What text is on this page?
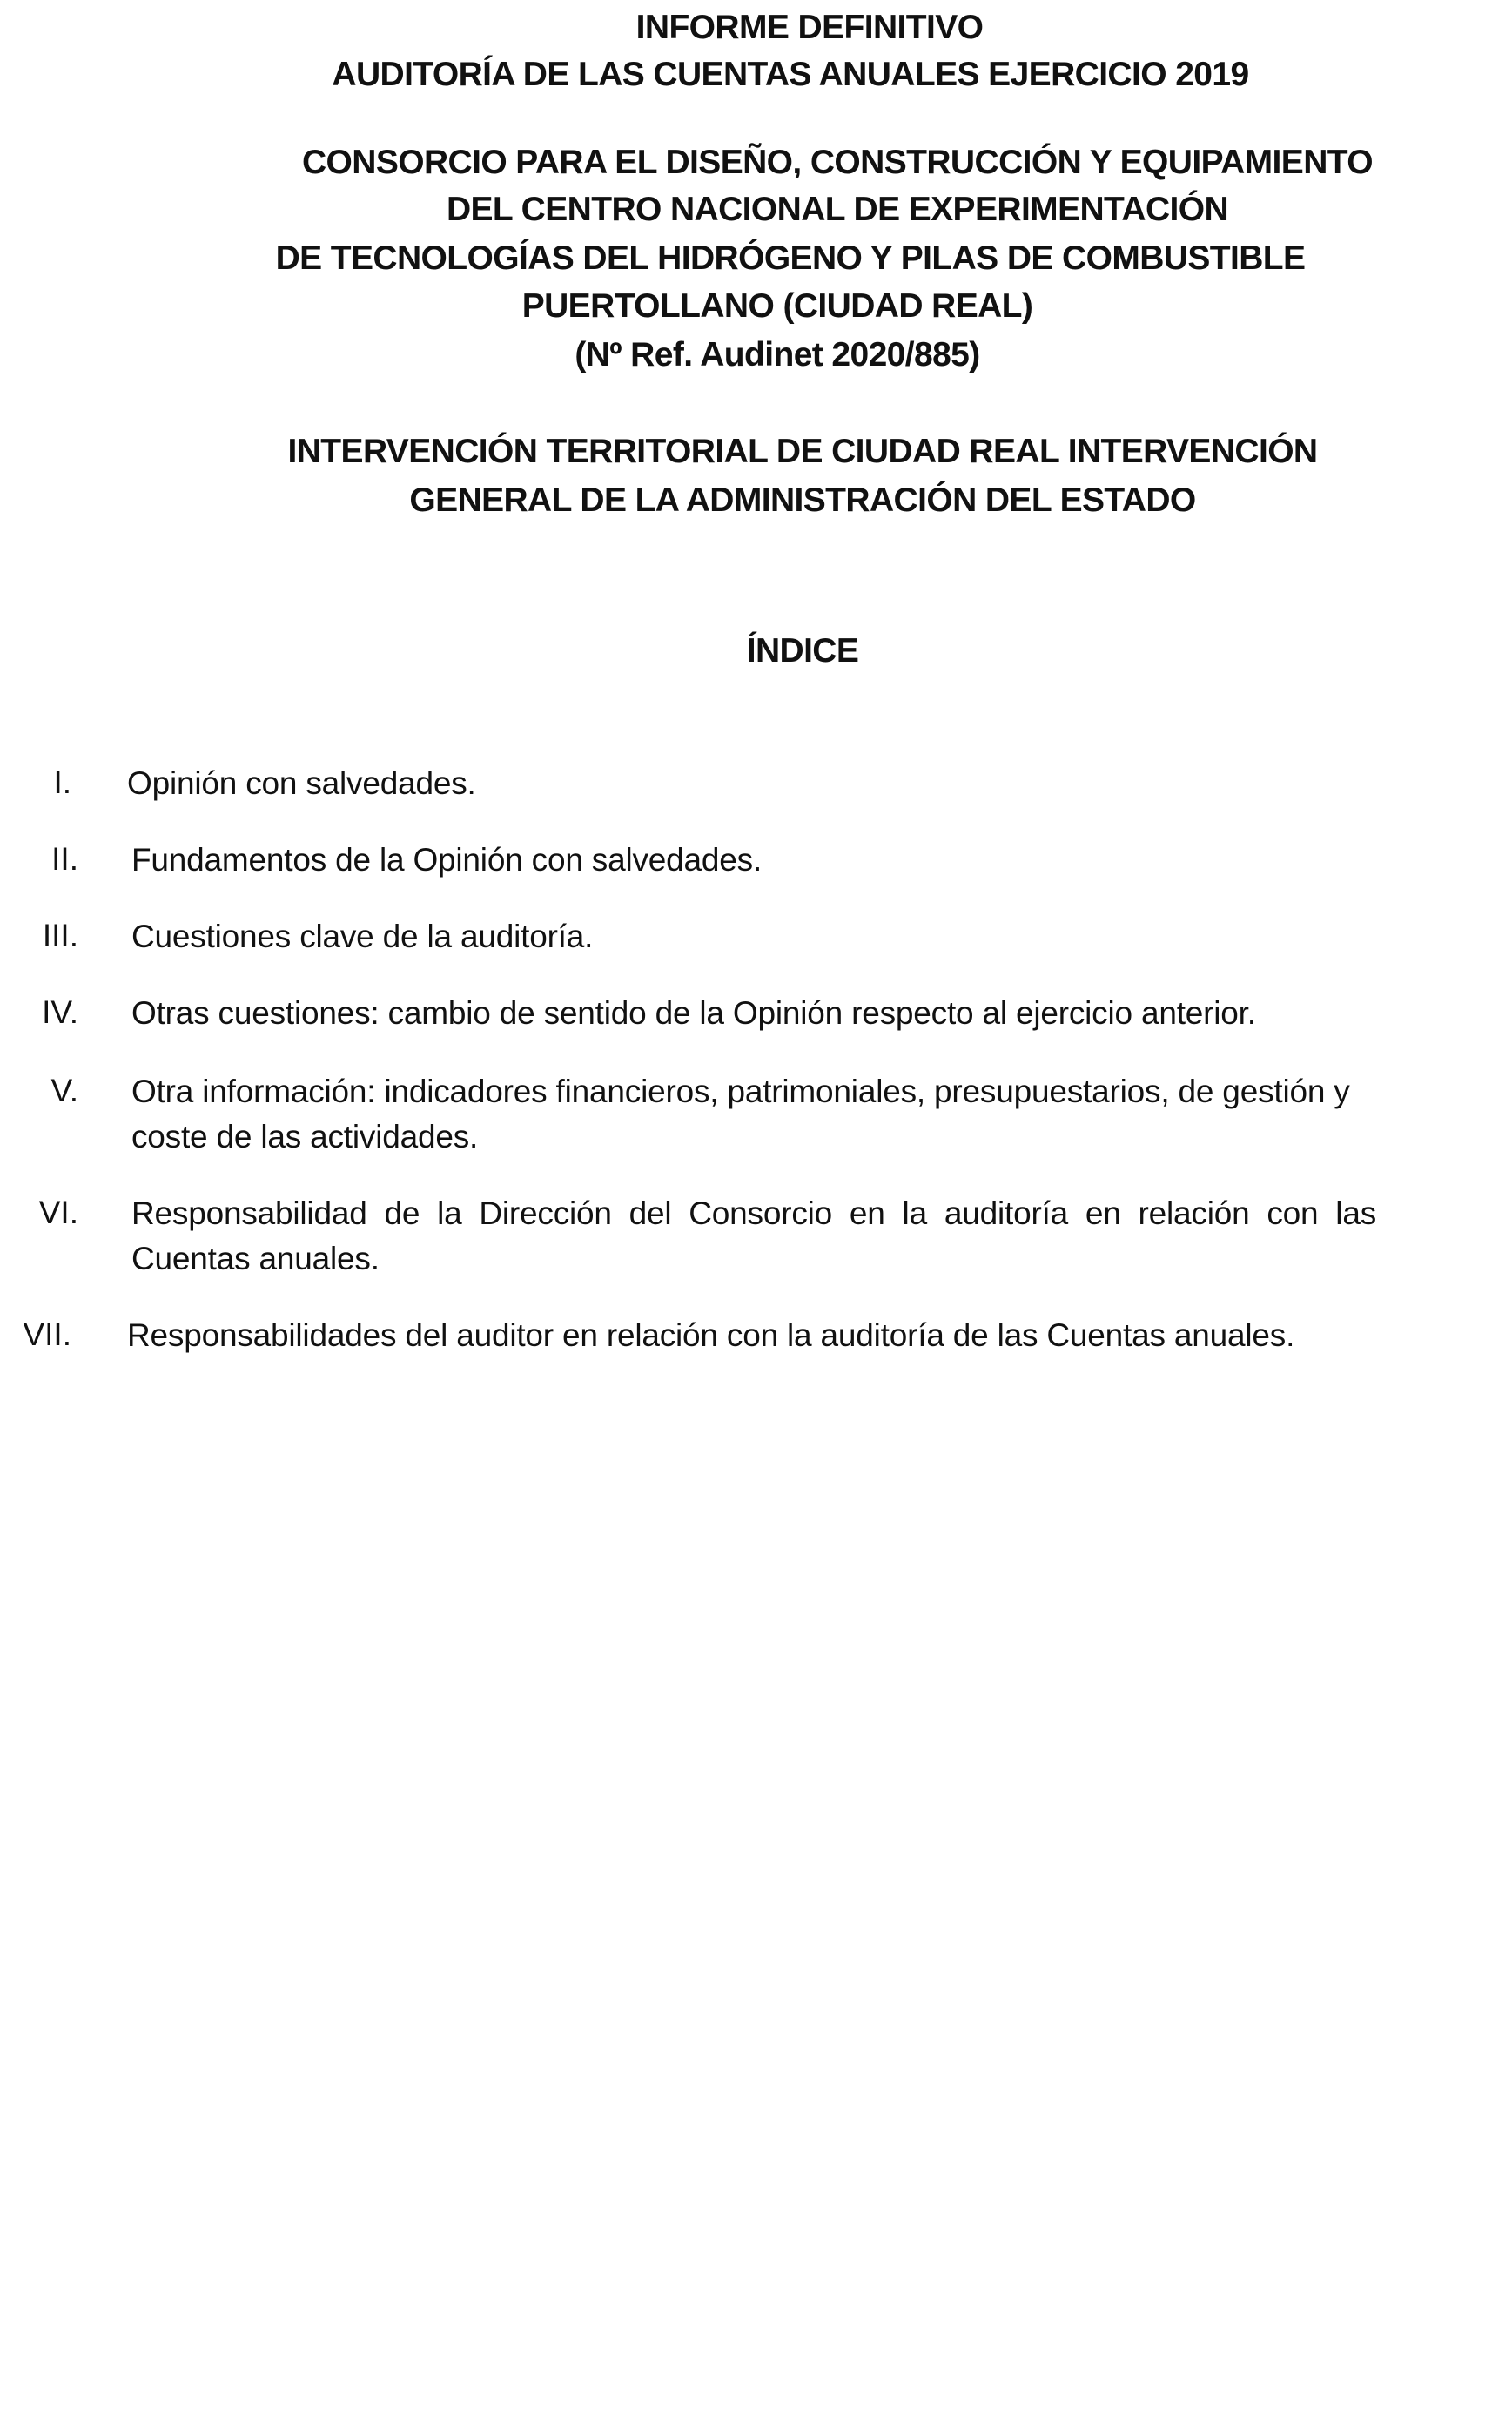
INFORME DEFINITIVO
AUDITORÍA DE LAS CUENTAS ANUALES EJERCICIO 2019
CONSORCIO PARA EL DISEÑO, CONSTRUCCIÓN Y EQUIPAMIENTO
DEL CENTRO NACIONAL DE EXPERIMENTACIÓN
DE TECNOLOGÍAS DEL HIDRÓGENO Y PILAS DE COMBUSTIBLE
PUERTOLLANO (CIUDAD REAL)
(Nº Ref. Audinet 2020/885)
INTERVENCIÓN TERRITORIAL DE CIUDAD REAL INTERVENCIÓN
GENERAL DE LA ADMINISTRACIÓN DEL ESTADO
ÍNDICE
I. Opinión con salvedades.
II. Fundamentos de la Opinión con salvedades.
III. Cuestiones clave de la auditoría.
IV. Otras cuestiones: cambio de sentido de la Opinión respecto al ejercicio anterior.
V. Otra información: indicadores financieros, patrimoniales, presupuestarios, de gestión y coste de las actividades.
VI. Responsabilidad de la Dirección del Consorcio en la auditoría en relación con las Cuentas anuales.
VII. Responsabilidades del auditor en relación con la auditoría de las Cuentas anuales.
